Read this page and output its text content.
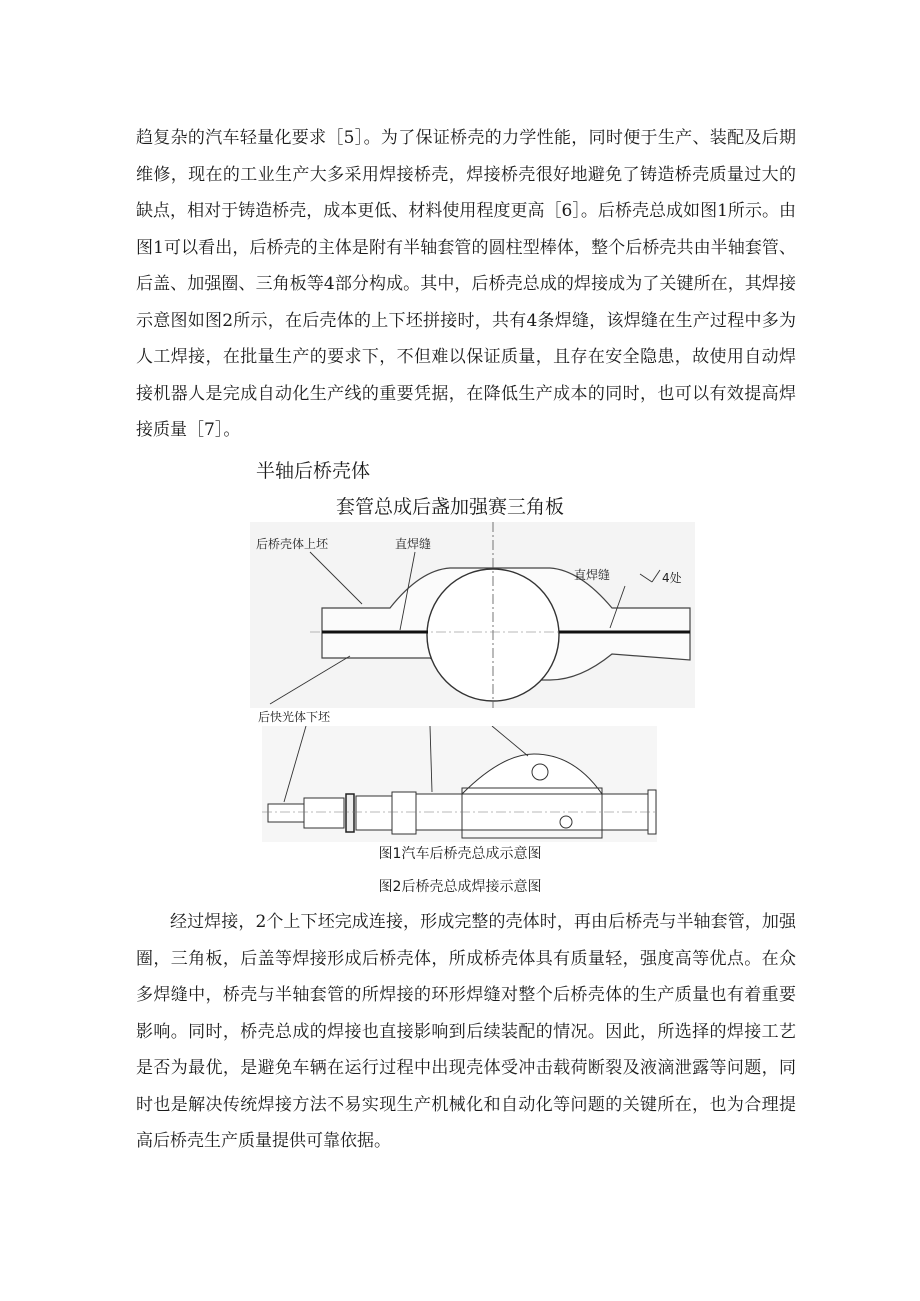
趋复杂的汽车轻量化要求［5］。为了保证桥壳的力学性能，同时便于生产、装配及后期维修，现在的工业生产大多采用焊接桥壳，焊接桥壳很好地避免了铸造桥壳质量过大的缺点，相对于铸造桥壳，成本更低、材料使用程度更高［6］。后桥壳总成如图1所示。由图1可以看出，后桥壳的主体是附有半轴套管的圆柱型棒体，整个后桥壳共由半轴套管、后盖、加强圈、三角板等4部分构成。其中，后桥壳总成的焊接成为了关键所在，其焊接示意图如图2所示，在后壳体的上下坯拼接时，共有4条焊缝，该焊缝在生产过程中多为人工焊接，在批量生产的要求下，不但难以保证质量，且存在安全隐患，故使用自动焊接机器人是完成自动化生产线的重要凭据，在降低生产成本的同时，也可以有效提高焊接质量［7］。

半轴后桥壳体

套管总成后盏加强赛三角板

后桥壳体上坯	直焊缝
直焊缝	4处

后快光体下坯

图1汽车后桥壳总成示意图

图2后桥壳总成焊接示意图

经过焊接，2个上下坯完成连接，形成完整的壳体时，再由后桥壳与半轴套管，加强圈，三角板，后盖等焊接形成后桥壳体，所成桥壳体具有质量轻，强度高等优点。在众多焊缝中，桥壳与半轴套管的所焊接的环形焊缝对整个后桥壳体的生产质量也有着重要影响。同时，桥壳总成的焊接也直接影响到后续装配的情况。因此，所选择的焊接工艺是否为最优，是避免车辆在运行过程中出现壳体受冲击载荷断裂及液滴泄露等问题，同时也是解决传统焊接方法不易实现生产机械化和自动化等问题的关键所在，也为合理提高后桥壳生产质量提供可靠依据。
